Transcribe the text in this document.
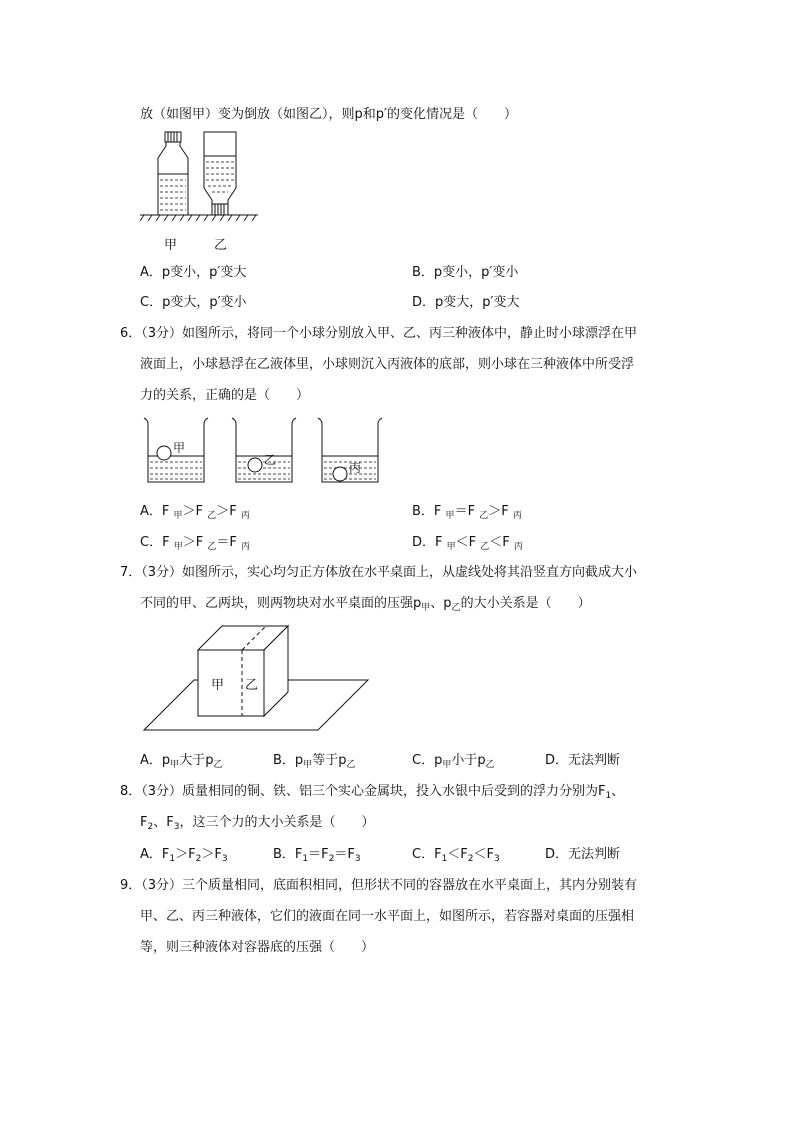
放（如图甲）变为倒放（如图乙），则p和p′的变化情况是（　　）
甲	乙
A．p变小，p′变大	B．p变小，p′变小
C．p变大，p′变小	D．p变大，p′变大
6．（3分）如图所示，将同一个小球分别放入甲、乙、丙三种液体中，静止时小球漂浮在甲
液面上，小球悬浮在乙液体里，小球则沉入丙液体的底部，则小球在三种液体中所受浮
力的关系，正确的是（　　）
甲
乙
丙
A．F $_甲$＞F $_乙$＞F $_丙$	B．F $_甲$＝F $_乙$＞F $_丙$
C．F $_甲$＞F $_乙$＝F $_丙$	D．F $_甲$＜F $_乙$＜F $_丙$
7．（3分）如图所示，实心均匀正方体放在水平桌面上，从虚线处将其沿竖直方向截成大小
不同的甲、乙两块，则两物块对水平桌面的压强$p_甲$、$p_乙$的大小关系是（　　）
甲 乙
A．$p_甲$大于$p_乙$	B．$p_甲$等于$p_乙$	C．$p_甲$小于$p_乙$	D．无法判断
8．（3分）质量相同的铜、铁、铝三个实心金属块，投入水银中后受到的浮力分别为$F_1$、
$F_2$、$F_3$，这三个力的大小关系是（　　）
A．$F_1>F_2>F_3$	B．$F_1=F_2=F_3$	C．$F_1<F_2<F_3$	D．无法判断
9．（3分）三个质量相同，底面积相同，但形状不同的容器放在水平桌面上，其内分别装有
甲、乙、丙三种液体，它们的液面在同一水平面上，如图所示，若容器对桌面的压强相
等，则三种液体对容器底的压强（　　）
